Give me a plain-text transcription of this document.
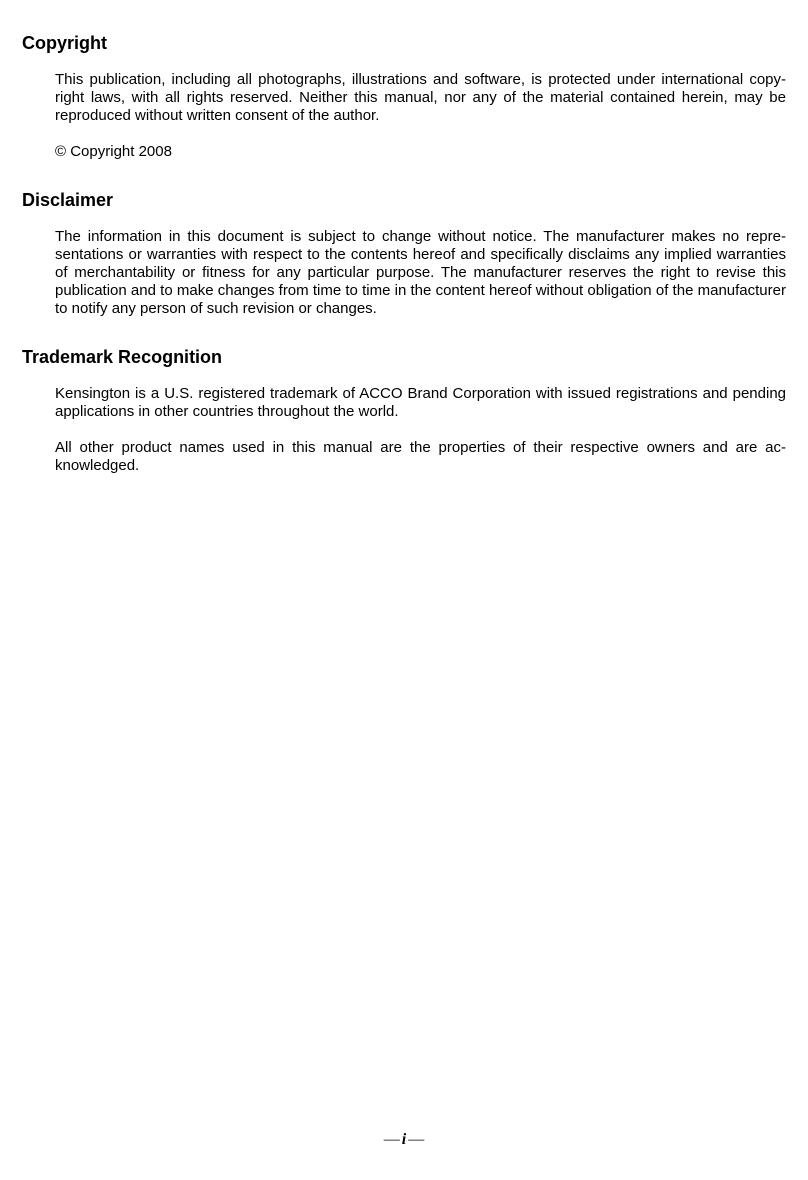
Copyright

This publication, including all photographs, illustrations and software, is protected under international copyright laws, with all rights reserved. Neither this manual, nor any of the material contained herein, may be reproduced without written consent of the author.

© Copyright 2008

Disclaimer

The information in this document is subject to change without notice. The manufacturer makes no representations or warranties with respect to the contents hereof and specifically disclaims any implied warranties of merchantability or fitness for any particular purpose. The manufacturer reserves the right to revise this publication and to make changes from time to time in the content hereof without obligation of the manufacturer to notify any person of such revision or changes.

Trademark Recognition

Kensington is a U.S. registered trademark of ACCO Brand Corporation with issued registrations and pending applications in other countries throughout the world.

All other product names used in this manual are the properties of their respective owners and are acknowledged.

— i —
